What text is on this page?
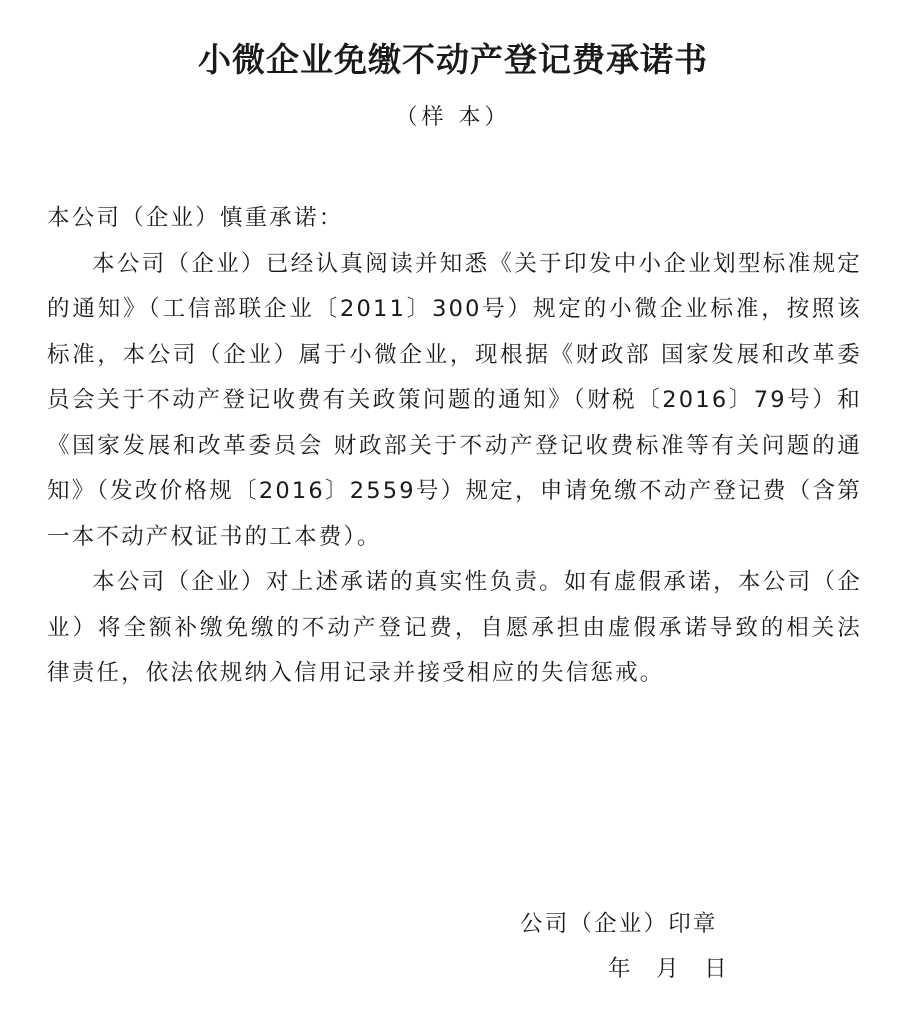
小微企业免缴不动产登记费承诺书
（样 本）

本公司（企业）慎重承诺：

本公司（企业）已经认真阅读并知悉《关于印发中小企业划型标准规定的通知》（工信部联企业〔2011〕300号）规定的小微企业标准，按照该标准，本公司（企业）属于小微企业，现根据《财政部 国家发展和改革委员会关于不动产登记收费有关政策问题的通知》（财税〔2016〕79号）和《国家发展和改革委员会 财政部关于不动产登记收费标准等有关问题的通知》（发改价格规〔2016〕2559号）规定，申请免缴不动产登记费（含第一本不动产权证书的工本费）。

本公司（企业）对上述承诺的真实性负责。如有虚假承诺，本公司（企业）将全额补缴免缴的不动产登记费，自愿承担由虚假承诺导致的相关法律责任，依法依规纳入信用记录并接受相应的失信惩戒。

公司（企业）印章
年 月 日
